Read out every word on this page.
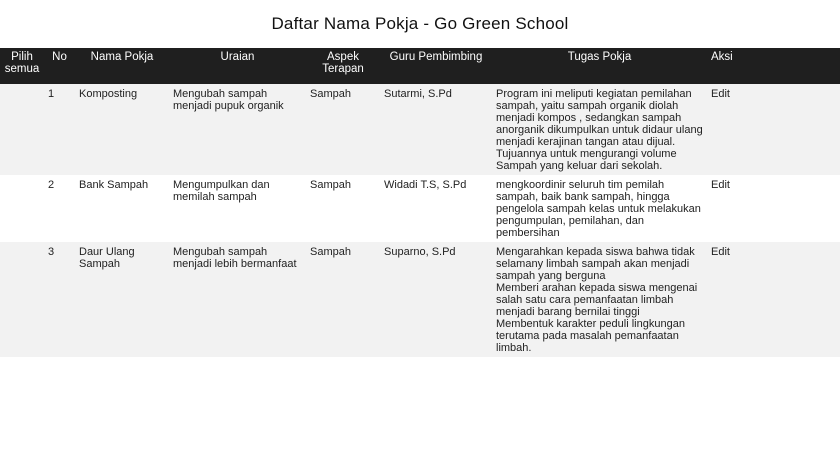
Daftar Nama Pokja - Go Green School
Pilih semua	No	Nama Pokja	Uraian	Aspek Terapan	Guru Pembimbing	Tugas Pokja	Aksi
	1	Komposting	Mengubah sampah menjadi pupuk organik	Sampah	Sutarmi, S.Pd	Program ini meliputi kegiatan pemilahan sampah, yaitu sampah organik diolah menjadi kompos , sedangkan sampah anorganik dikumpulkan untuk didaur ulang menjadi kerajinan tangan atau dijual. Tujuannya untuk mengurangi volume Sampah yang keluar dari sekolah.	Edit
	2	Bank Sampah	Mengumpulkan dan memilah sampah	Sampah	Widadi T.S, S.Pd	mengkoordinir seluruh tim pemilah sampah, baik bank sampah, hingga pengelola sampah kelas untuk melakukan pengumpulan, pemilahan, dan pembersihan	Edit
	3	Daur Ulang Sampah	Mengubah sampah menjadi lebih bermanfaat	Sampah	Suparno, S.Pd	Mengarahkan kepada siswa bahwa tidak selamany limbah sampah akan menjadi sampah yang berguna
Memberi arahan kepada siswa mengenai salah satu cara pemanfaatan limbah menjadi barang bernilai tinggi
Membentuk karakter peduli lingkungan terutama pada masalah pemanfaatan limbah.	Edit
